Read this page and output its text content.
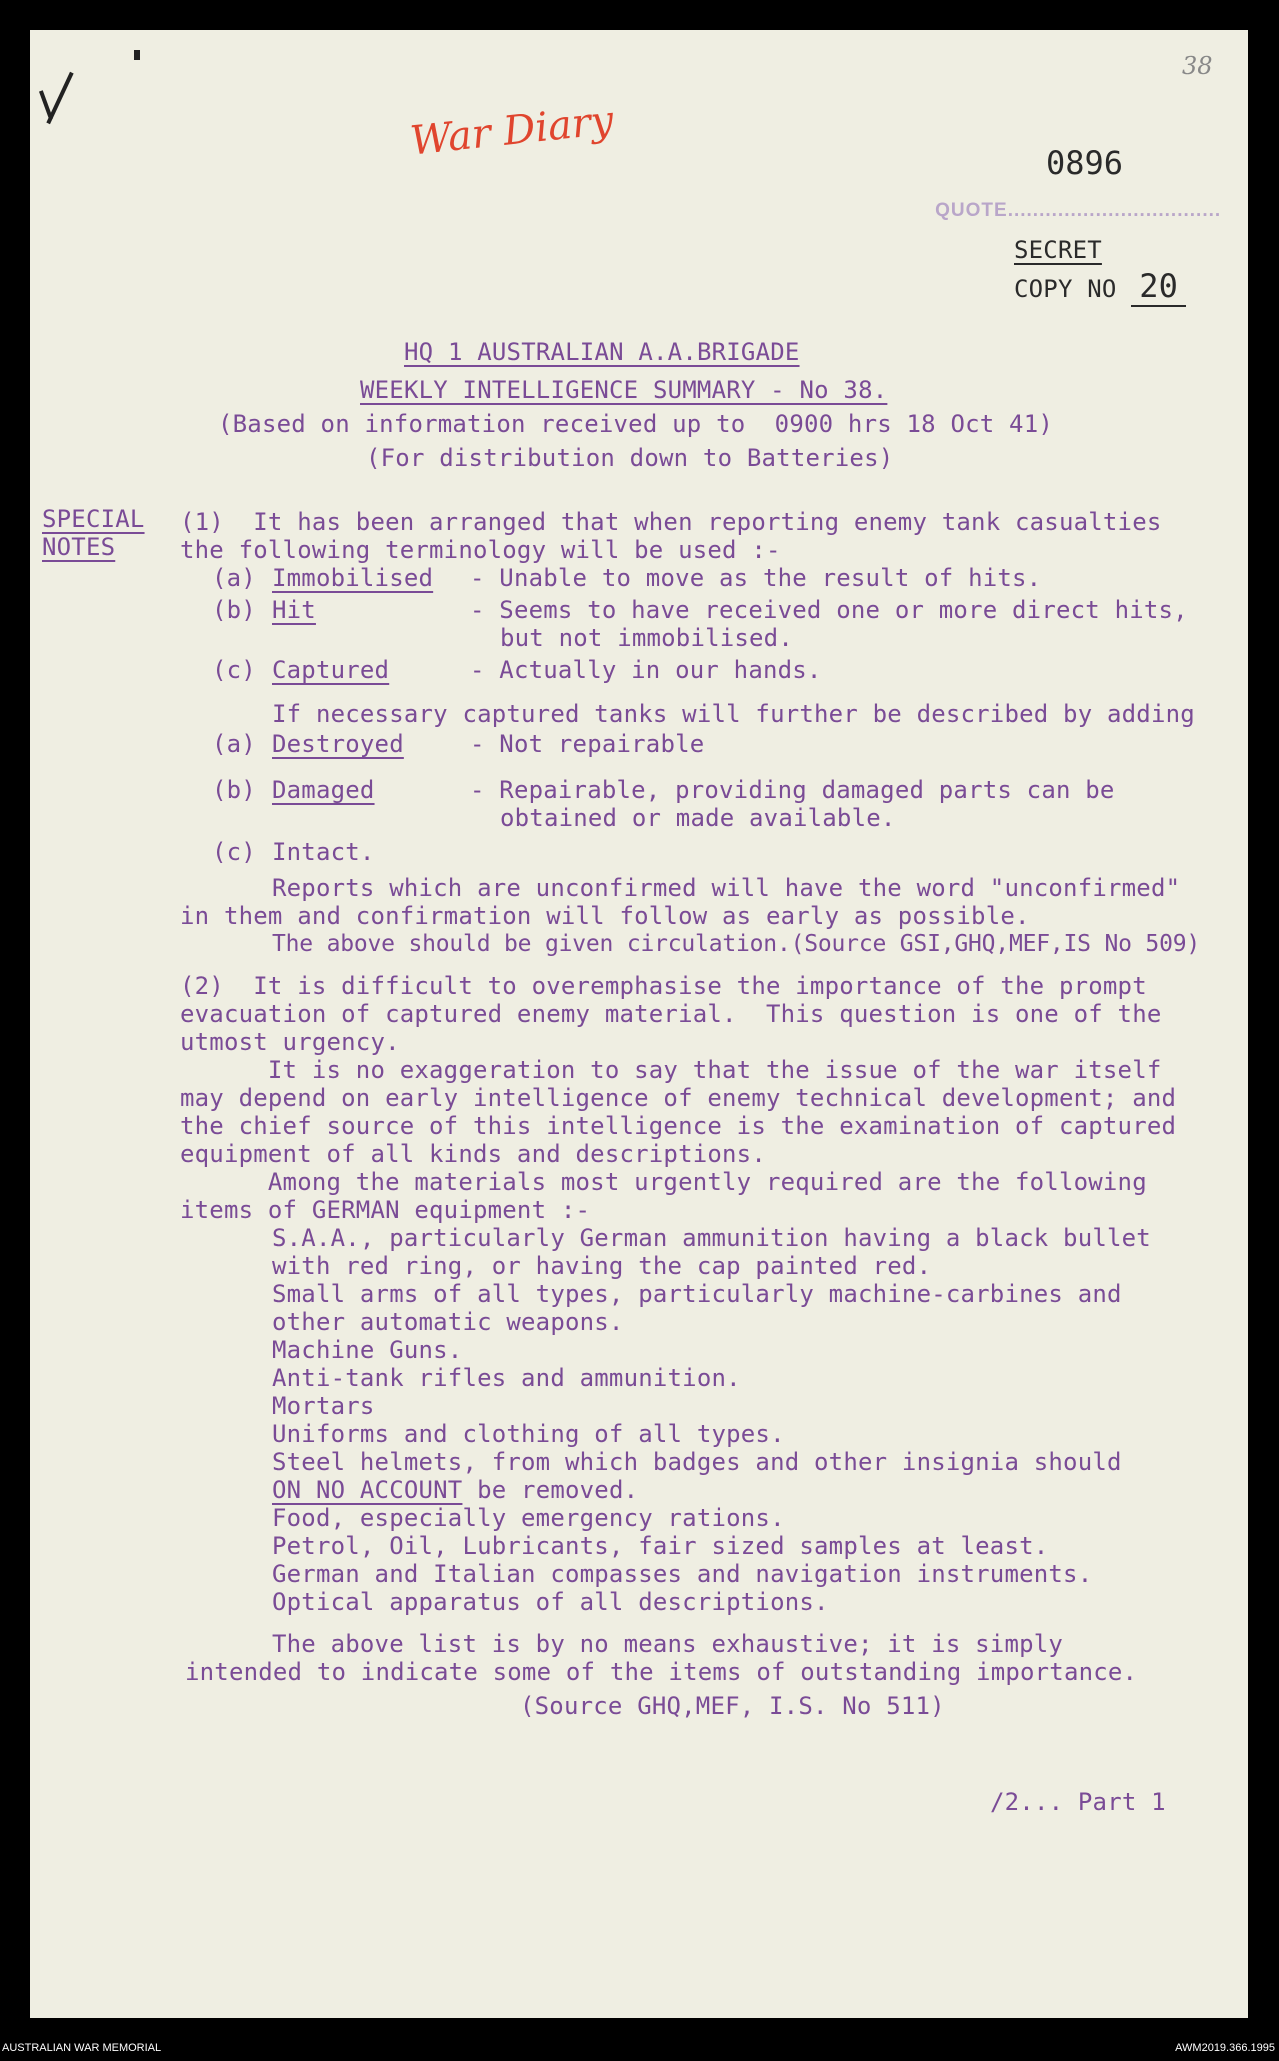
War Diary
38

QUOTE..................................

0896
SECRET
COPY NO 20
HQ 1 AUSTRALIAN A.A.BRIGADE
WEEKLY INTELLIGENCE SUMMARY - No 38.
(Based on information received up to  0900 hrs 18 Oct 41)
(For distribution down to Batteries)
SPECIAL
NOTES
(1)  It has been arranged that when reporting enemy tank casualties
the following terminology will be used :-
(a) Immobilised - Unable to move as the result of hits.
(b) Hit	- Seems to have received one or more direct hits,
but not immobilised.
(c) Captured	- Actually in our hands.
If necessary captured tanks will further be described by adding
(a) Destroyed	- Not repairable
(b) Damaged	- Repairable, providing damaged parts can be
obtained or made available.
(c) Intact.
Reports which are unconfirmed will have the word "unconfirmed"
in them and confirmation will follow as early as possible.
The above should be given circulation.(Source GSI,GHQ,MEF,IS No 509)
(2)  It is difficult to overemphasise the importance of the prompt
evacuation of captured enemy material.  This question is one of the
utmost urgency.
It is no exaggeration to say that the issue of the war itself
may depend on early intelligence of enemy technical development; and
the chief source of this intelligence is the examination of captured
equipment of all kinds and descriptions.
Among the materials most urgently required are the following
items of GERMAN equipment :-
S.A.A., particularly German ammunition having a black bullet
with red ring, or having the cap painted red.
Small arms of all types, particularly machine-carbines and
other automatic weapons.
Machine Guns.
Anti-tank rifles and ammunition.
Mortars
Uniforms and clothing of all types.
Steel helmets, from which badges and other insignia should
ON NO ACCOUNT be removed.
Food, especially emergency rations.
Petrol, Oil, Lubricants, fair sized samples at least.
German and Italian compasses and navigation instruments.
Optical apparatus of all descriptions.
The above list is by no means exhaustive; it is simply
intended to indicate some of the items of outstanding importance.
(Source GHQ,MEF, I.S. No 511)
/2... Part 1
AUSTRALIAN WAR MEMORIAL	AWM2019.366.1995
